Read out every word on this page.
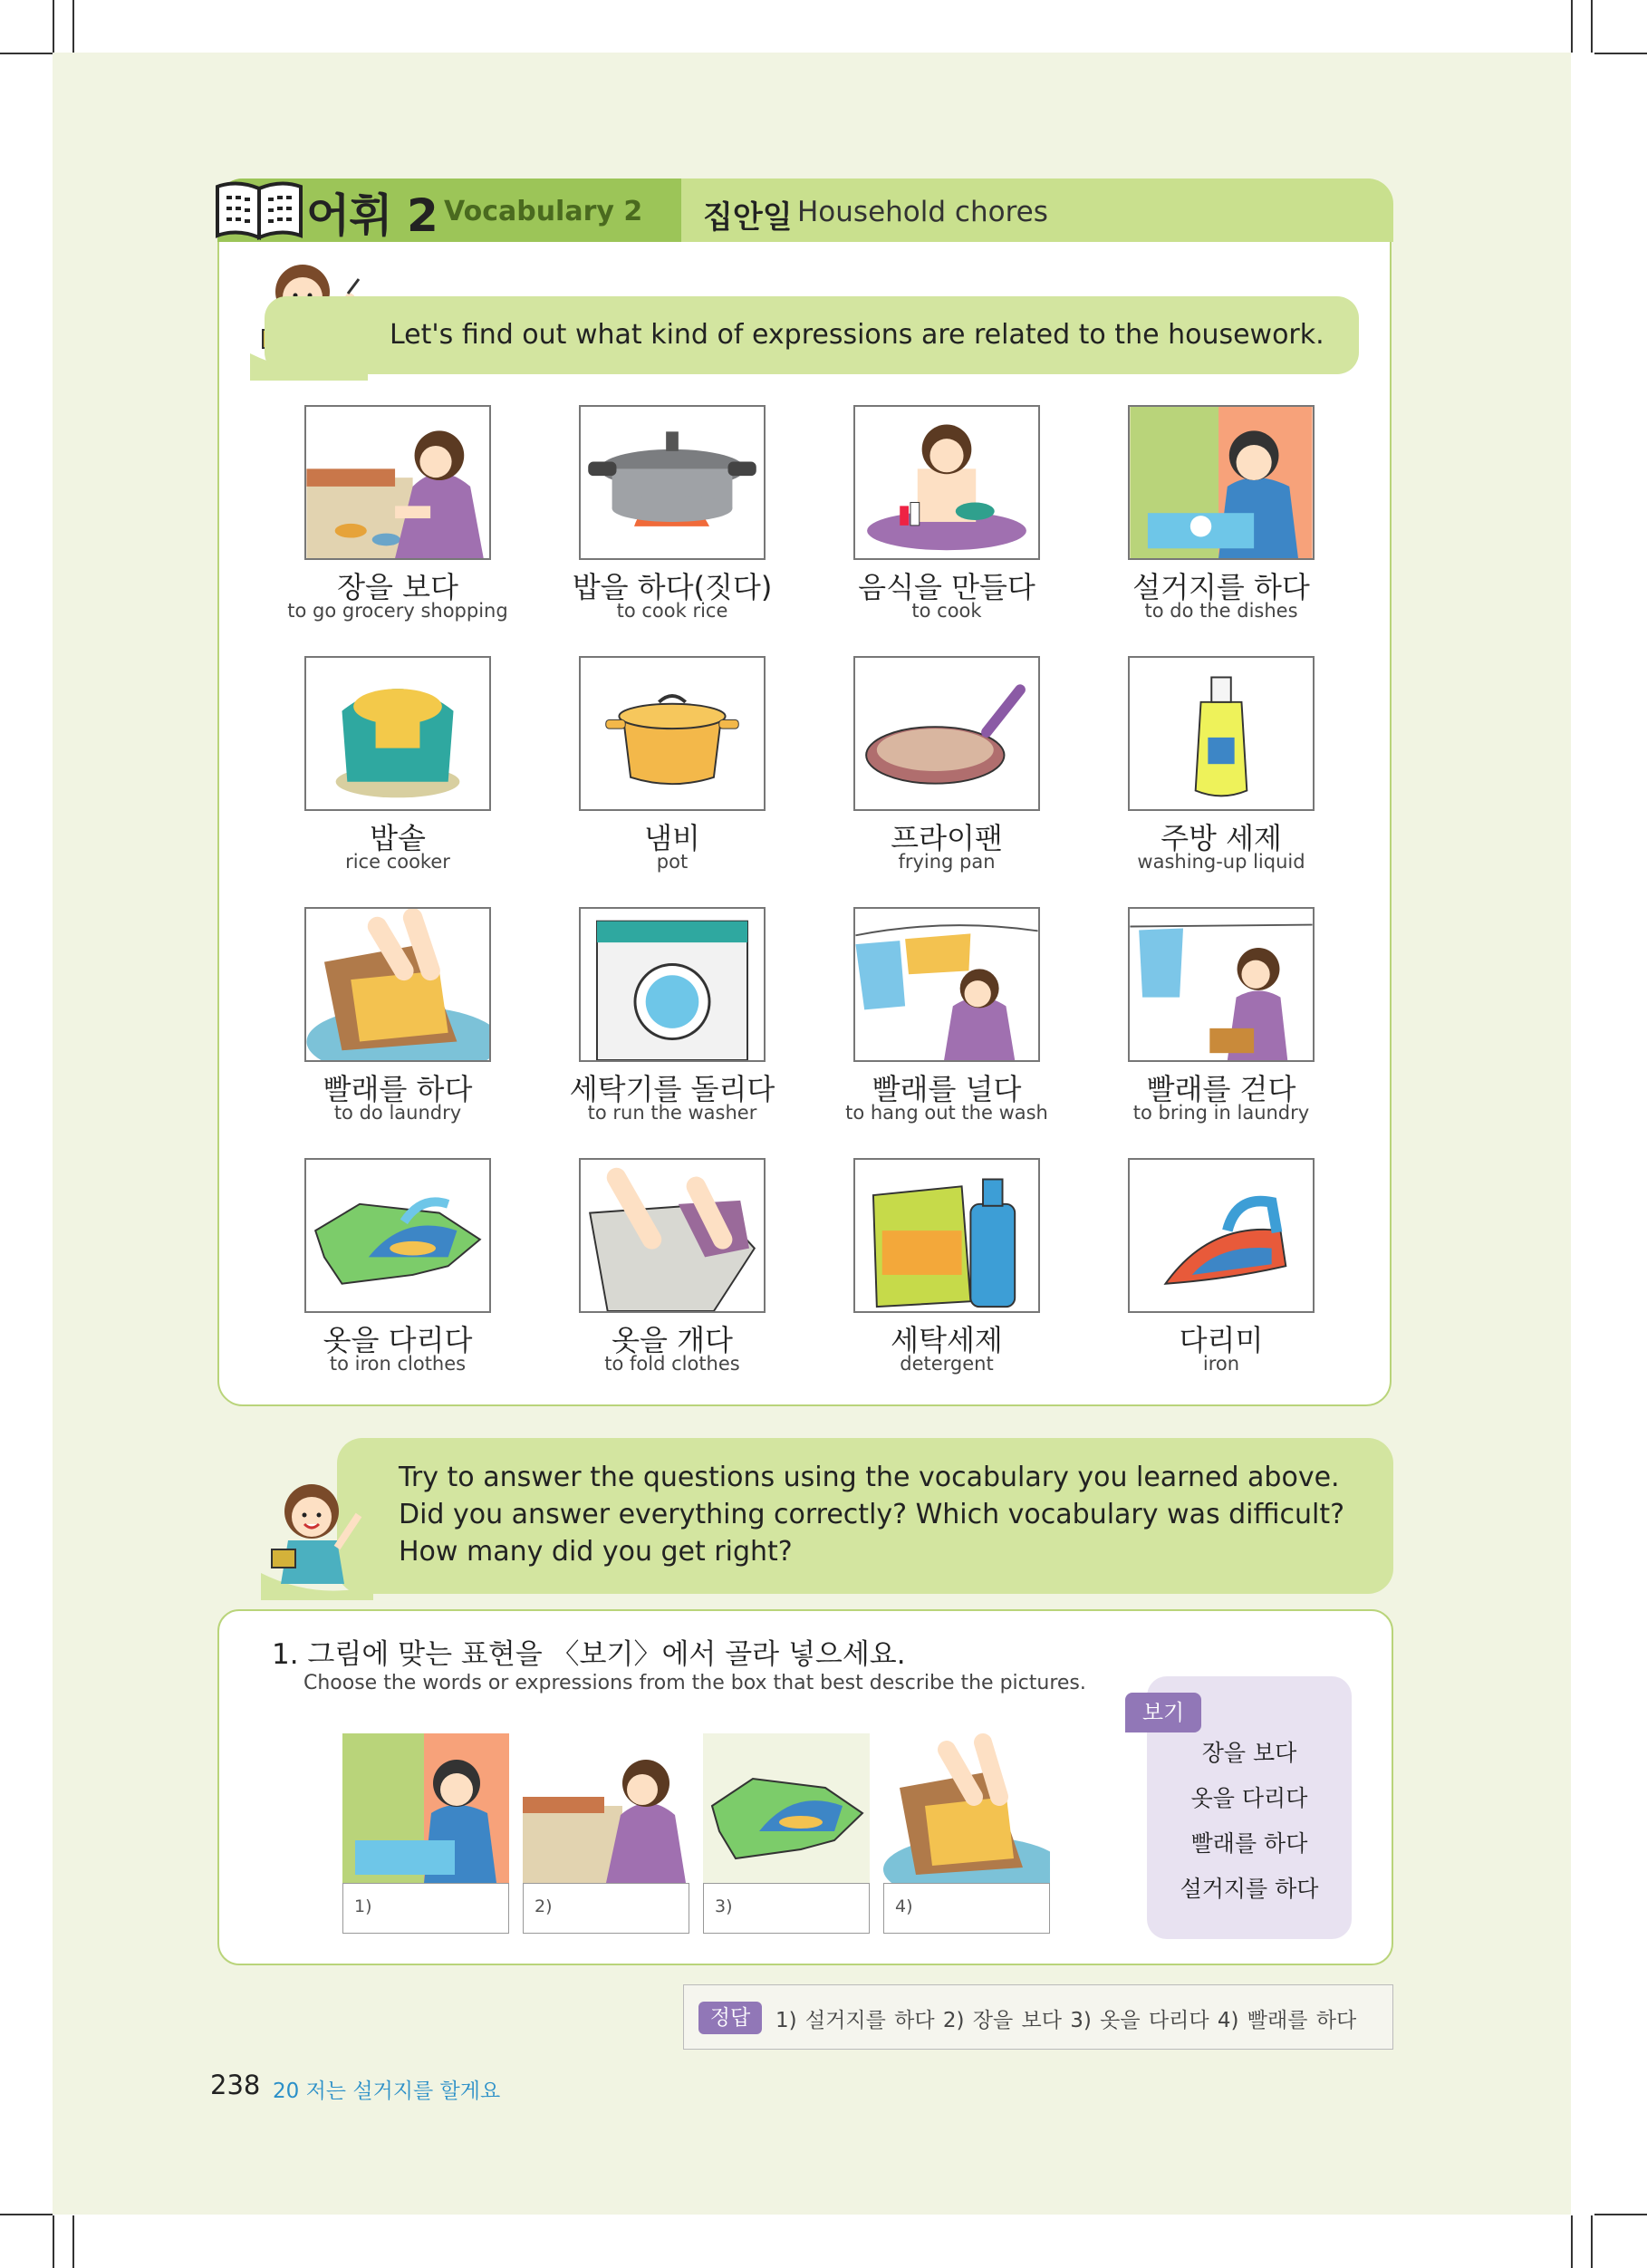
어휘 2 Vocabulary 2 집안일 Household chores
Let's find out what kind of expressions are related to the housework.
장을 보다
to go grocery shopping
밥을 하다(짓다)
to cook rice
음식을 만들다
to cook
설거지를 하다
to do the dishes
밥솥
rice cooker
냄비
pot
프라이팬
frying pan
주방 세제
washing-up liquid
빨래를 하다
to do laundry
세탁기를 돌리다
to run the washer
빨래를 널다
to hang out the wash
빨래를 걷다
to bring in laundry
옷을 다리다
to iron clothes
옷을 개다
to fold clothes
세탁세제
detergent
다리미
iron
Try to answer the questions using the vocabulary you learned above. Did you answer everything correctly? Which vocabulary was difficult? How many did you get right?
1. 그림에 맞는 표현을 〈보기〉에서 골라 넣으세요.
Choose the words or expressions from the box that best describe the pictures.
1)	2)	3)	4)
보기
장을 보다
옷을 다리다
빨래를 하다
설거지를 하다
정답	1) 설거지를 하다 2) 장을 보다 3) 옷을 다리다 4) 빨래를 하다
238 20 저는 설거지를 할게요
